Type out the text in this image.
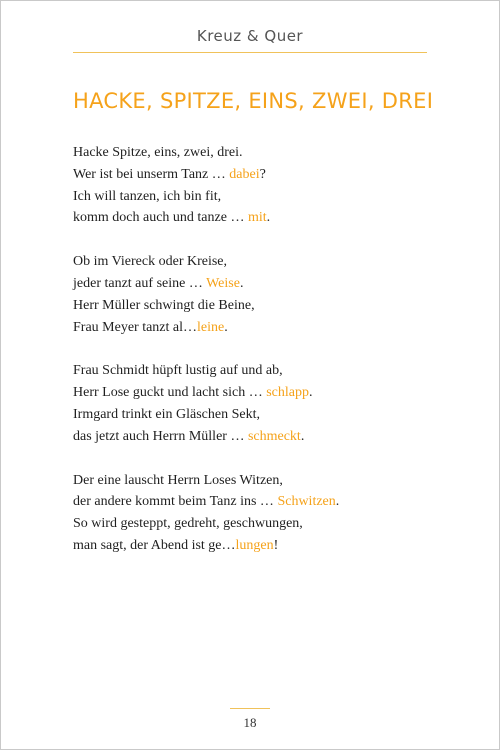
Kreuz & Quer
HACKE, SPITZE, EINS, ZWEI, DREI
Hacke Spitze, eins, zwei, drei.
Wer ist bei unserm Tanz … dabei?
Ich will tanzen, ich bin fit,
komm doch auch und tanze … mit.
Ob im Viereck oder Kreise,
jeder tanzt auf seine … Weise.
Herr Müller schwingt die Beine,
Frau Meyer tanzt al…leine.
Frau Schmidt hüpft lustig auf und ab,
Herr Lose guckt und lacht sich … schlapp.
Irmgard trinkt ein Gläschen Sekt,
das jetzt auch Herrn Müller … schmeckt.
Der eine lauscht Herrn Loses Witzen,
der andere kommt beim Tanz ins … Schwitzen.
So wird gesteppt, gedreht, geschwungen,
man sagt, der Abend ist ge…lungen!
18
